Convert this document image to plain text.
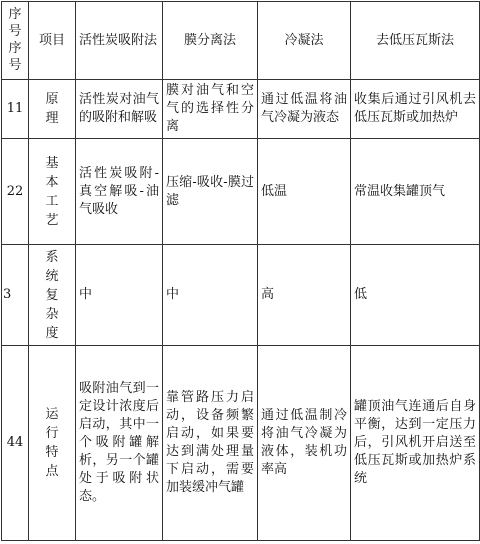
序号序号	项目	活性炭吸附法	膜分离法	冷凝法	去低压瓦斯法
11	原理	活性炭对油气的吸附和解吸	膜对油气和空气的选择性分离	通过低温将油气冷凝为液态	收集后通过引风机去低压瓦斯或加热炉
22	基本工艺	活性炭吸附-真空解吸-油气吸收	压缩-吸收-膜过滤	低温	常温收集罐顶气
3	系统复杂度	中	中	高	低
44	运行特点	吸附油气到一定设计浓度后启动，其中一个吸附罐解析，另一个罐处于吸附状态。	靠管路压力启动，设备频繁启动，如果要达到满处理量下启动，需要加装缓冲气罐	通过低温制冷将油气冷凝为液体，装机功率高	罐顶油气连通后自身平衡，达到一定压力后，引风机开启送至低压瓦斯或加热炉系统
